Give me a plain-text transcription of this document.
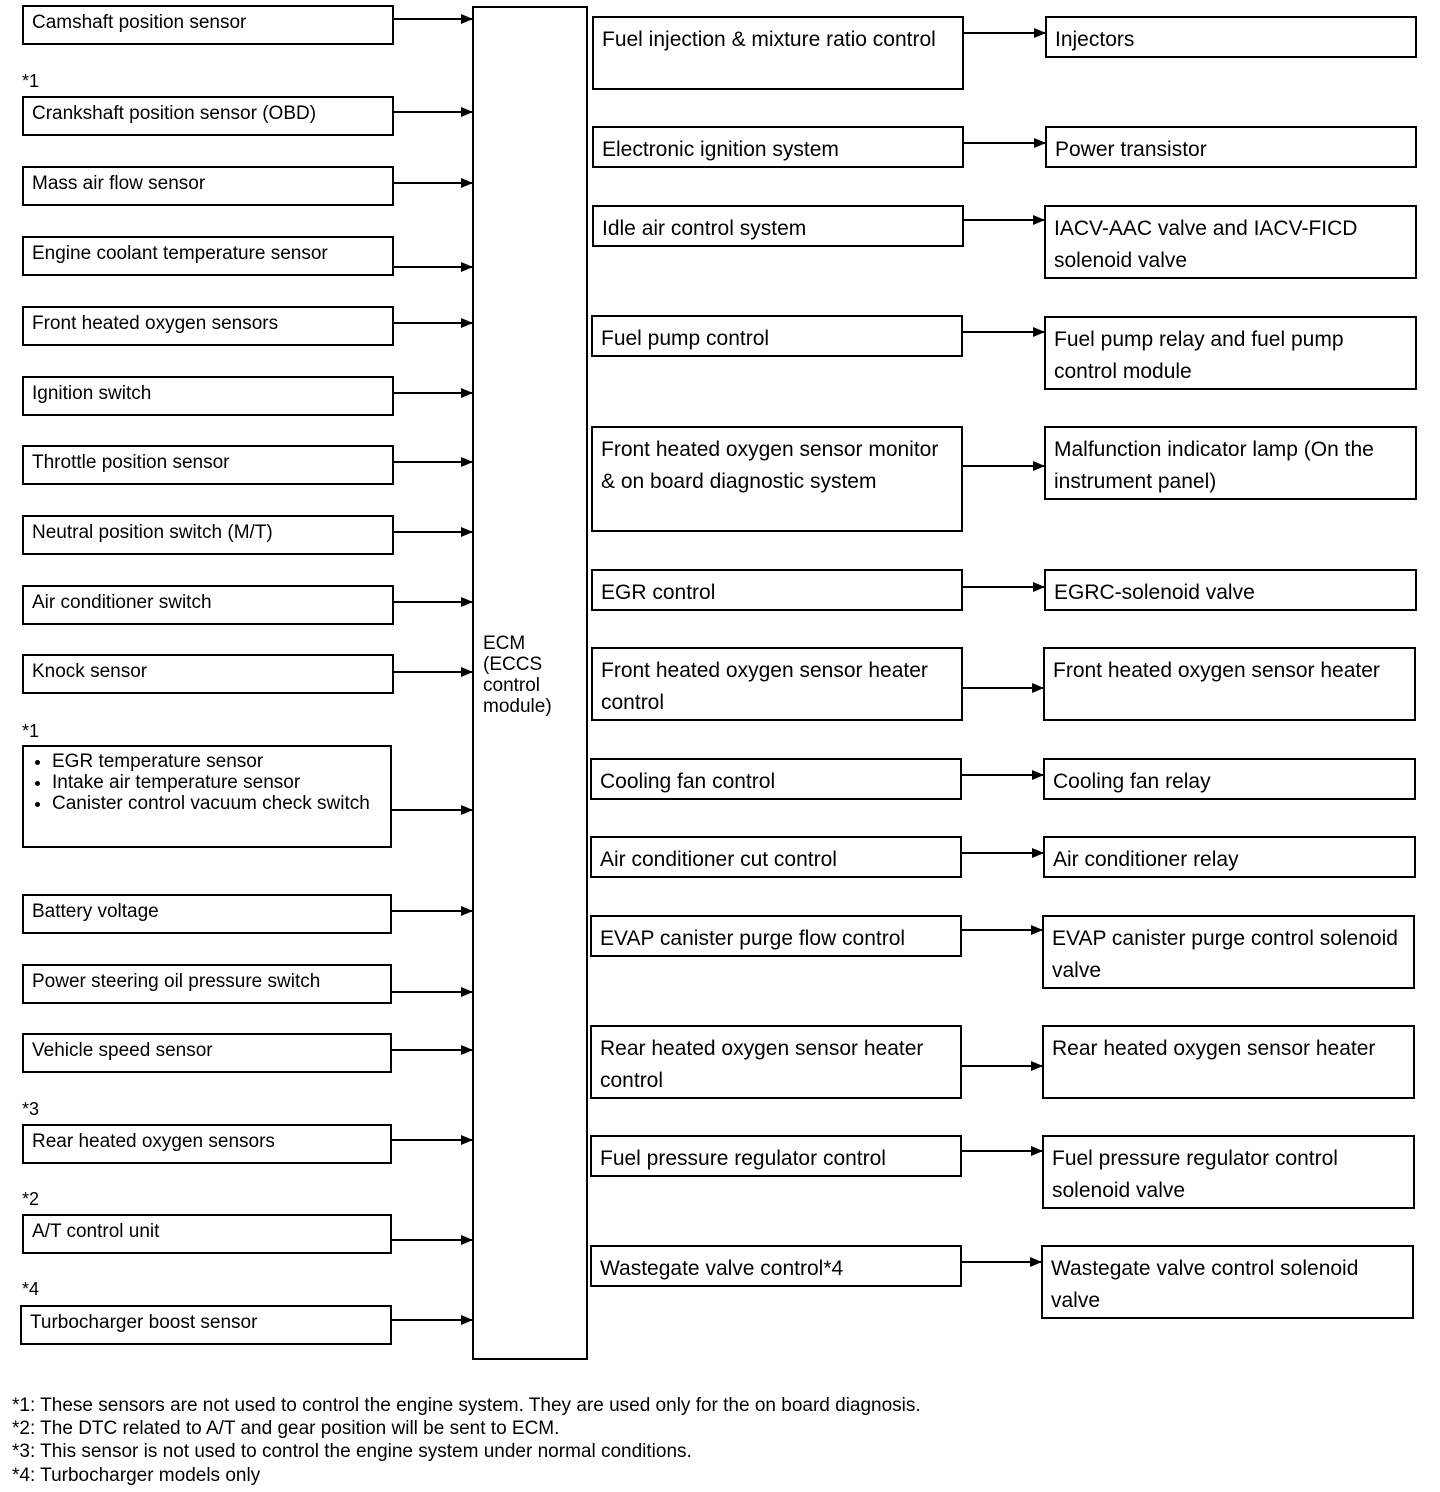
ECM
(ECCS
control
module)
Camshaft position sensor
*1
Crankshaft position sensor (OBD)
Mass air flow sensor
Engine coolant temperature sensor
Front heated oxygen sensors
Ignition switch
Throttle position sensor
Neutral position switch (M/T)
Air conditioner switch
Knock sensor
*1
• EGR temperature sensor
• Intake air temperature sensor
• Canister control vacuum check switch
Battery voltage
Power steering oil pressure switch
Vehicle speed sensor
*3
Rear heated oxygen sensors
*2
A/T control unit
*4
Turbocharger boost sensor
Fuel injection & mixture ratio control
Electronic ignition system
Idle air control system
Fuel pump control
Front heated oxygen sensor monitor & on board diagnostic system
EGR control
Front heated oxygen sensor heater control
Cooling fan control
Air conditioner cut control
EVAP canister purge flow control
Rear heated oxygen sensor heater control
Fuel pressure regulator control
Wastegate valve control*4
Injectors
Power transistor
IACV-AAC valve and IACV-FICD solenoid valve
Fuel pump relay and fuel pump control module
Malfunction indicator lamp (On the instrument panel)
EGRC-solenoid valve
Front heated oxygen sensor heater
Cooling fan relay
Air conditioner relay
EVAP canister purge control solenoid valve
Rear heated oxygen sensor heater
Fuel pressure regulator control solenoid valve
Wastegate valve control solenoid valve
*1: These sensors are not used to control the engine system. They are used only for the on board diagnosis.
*2: The DTC related to A/T and gear position will be sent to ECM.
*3: This sensor is not used to control the engine system under normal conditions.
*4: Turbocharger models only
